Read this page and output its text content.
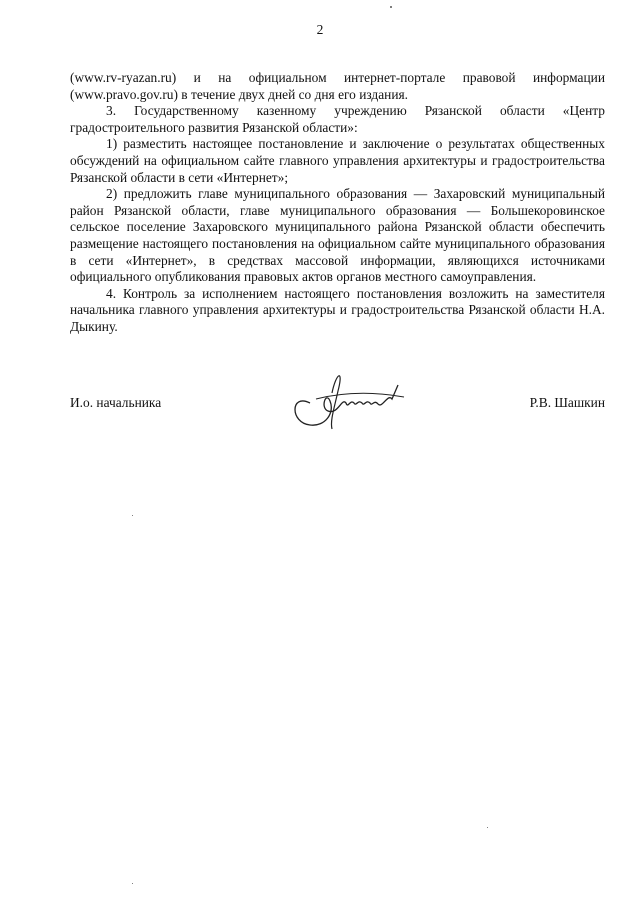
2

(www.rv-ryazan.ru) и на официальном интернет-портале правовой информации (www.pravo.gov.ru) в течение двух дней со дня его издания.

3. Государственному казенному учреждению Рязанской области «Центр градостроительного развития Рязанской области»:

1) разместить настоящее постановление и заключение о результатах общественных обсуждений на официальном сайте главного управления архитектуры и градостроительства Рязанской области в сети «Интернет»;

2) предложить главе муниципального образования — Захаровский муниципальный район Рязанской области, главе муниципального образования — Большекоровинское сельское поселение Захаровского муниципального района Рязанской области обеспечить размещение настоящего постановления на официальном сайте муниципального образования в сети «Интернет», в средствах массовой информации, являющихся источниками официального опубликования правовых актов органов местного самоуправления.

4. Контроль за исполнением настоящего постановления возложить на заместителя начальника главного управления архитектуры и градостроительства Рязанской области Н.А. Дыкину.

И.о. начальника	Р.В. Шашкин
